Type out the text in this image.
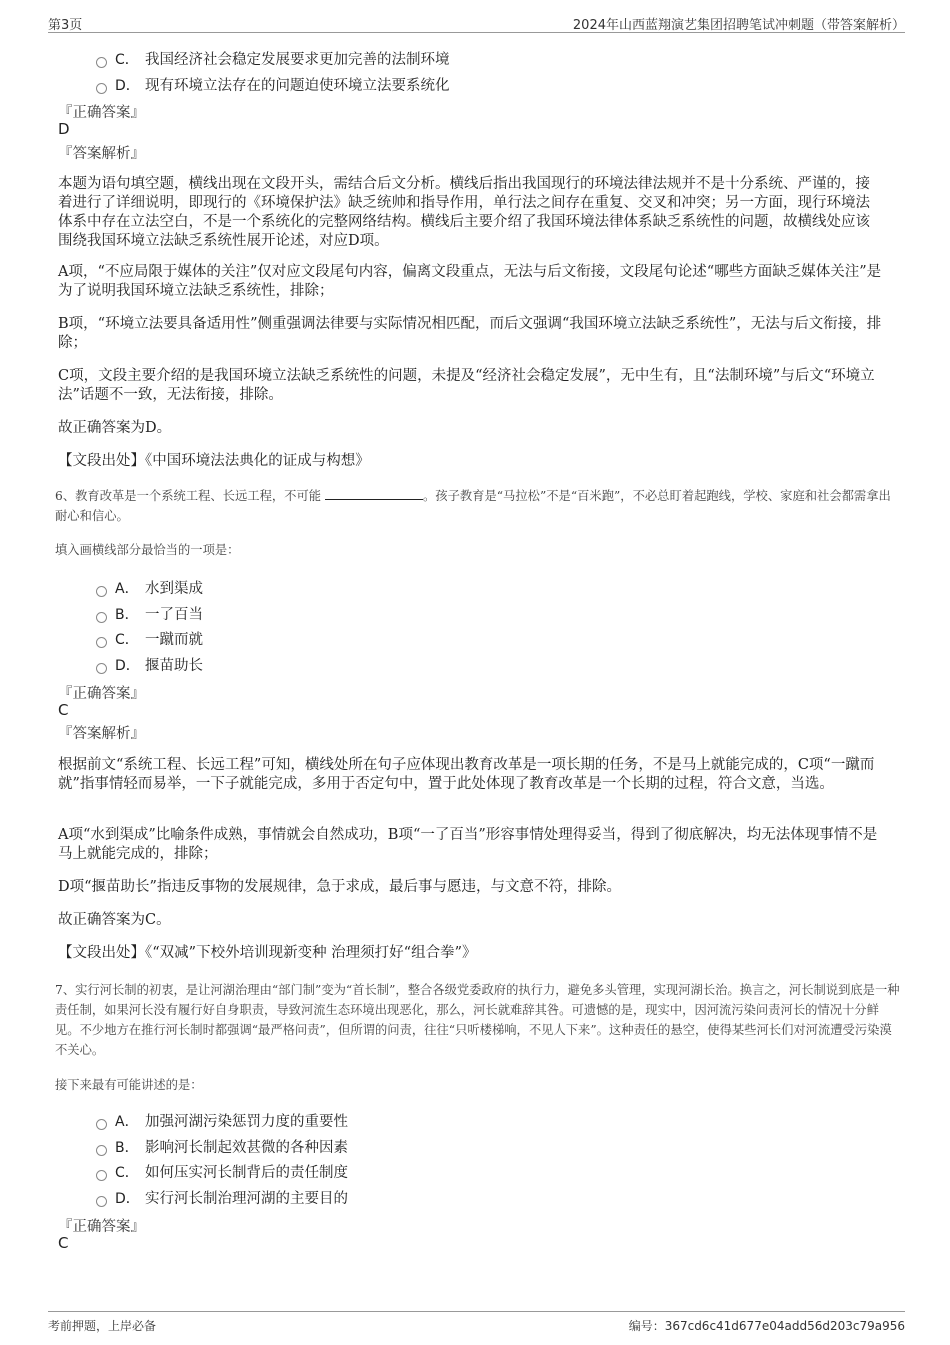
第3页	2024年山西蓝翔演艺集团招聘笔试冲刺题（带答案解析）
C． 我国经济社会稳定发展要求更加完善的法制环境
D． 现有环境立法存在的问题迫使环境立法要系统化
『正确答案』
D
『答案解析』

本题为语句填空题，横线出现在文段开头，需结合后文分析。横线后指出我国现行的环境法律法规并不是十分系统、严谨的，接着进行了详细说明，即现行的《环境保护法》缺乏统帅和指导作用，单行法之间存在重复、交叉和冲突；另一方面，现行环境法体系中存在立法空白，不是一个系统化的完整网络结构。横线后主要介绍了我国环境法律体系缺乏系统性的问题，故横线处应该围绕我国环境立法缺乏系统性展开论述，对应D项。

A项，“不应局限于媒体的关注”仅对应文段尾句内容，偏离文段重点，无法与后文衔接，文段尾句论述“哪些方面缺乏媒体关注”是为了说明我国环境立法缺乏系统性，排除；

B项，“环境立法要具备适用性”侧重强调法律要与实际情况相匹配，而后文强调“我国环境立法缺乏系统性”，无法与后文衔接，排除；

C项，文段主要介绍的是我国环境立法缺乏系统性的问题，未提及“经济社会稳定发展”，无中生有，且“法制环境”与后文“环境立法”话题不一致，无法衔接，排除。

故正确答案为D。

【文段出处】《中国环境法法典化的证成与构想》

6、教育改革是一个系统工程、长远工程，不可能	。孩子教育是“马拉松”不是“百米跑”，不必总盯着起跑线，学校、家庭和社会都需拿出耐心和信心。

填入画横线部分最恰当的一项是：

A． 水到渠成
B． 一了百当
C． 一蹴而就
D． 揠苗助长
『正确答案』
C
『答案解析』

根据前文“系统工程、长远工程”可知，横线处所在句子应体现出教育改革是一项长期的任务，不是马上就能完成的，C项“一蹴而就”指事情轻而易举，一下子就能完成，多用于否定句中，置于此处体现了教育改革是一个长期的过程，符合文意，当选。

A项“水到渠成”比喻条件成熟，事情就会自然成功，B项“一了百当”形容事情处理得妥当，得到了彻底解决，均无法体现事情不是马上就能完成的，排除；

D项“揠苗助长”指违反事物的发展规律，急于求成，最后事与愿违，与文意不符，排除。

故正确答案为C。

【文段出处】《“双减”下校外培训现新变种 治理须打好“组合拳”》

7、实行河长制的初衷，是让河湖治理由“部门制”变为“首长制”，整合各级党委政府的执行力，避免多头管理，实现河湖长治。换言之，河长制说到底是一种责任制，如果河长没有履行好自身职责，导致河流生态环境出现恶化，那么，河长就难辞其咎。可遗憾的是，现实中，因河流污染问责河长的情况十分鲜见。不少地方在推行河长制时都强调“最严格问责”，但所谓的问责，往往“只听楼梯响，不见人下来”。这种责任的悬空，使得某些河长们对河流遭受污染漠不关心。

接下来最有可能讲述的是：

A． 加强河湖污染惩罚力度的重要性
B． 影响河长制起效甚微的各种因素
C． 如何压实河长制背后的责任制度
D． 实行河长制治理河湖的主要目的
『正确答案』
C
考前押题，上岸必备	编号：367cd6c41d677e04add56d203c79a956
